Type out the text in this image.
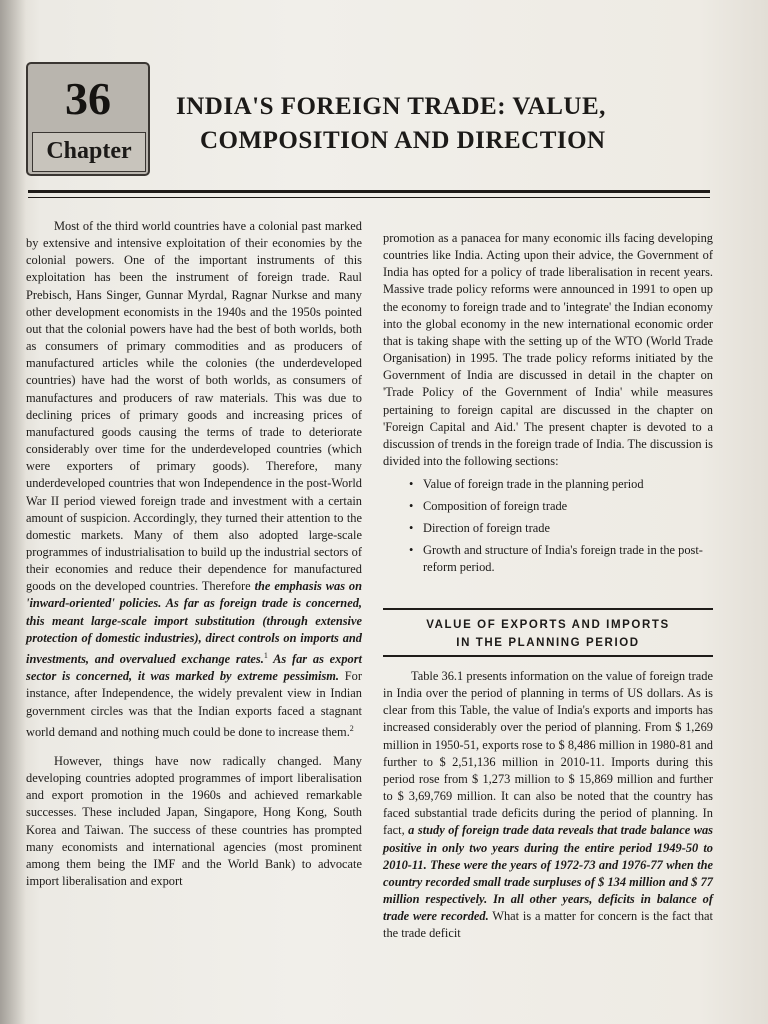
36
Chapter
INDIA'S FOREIGN TRADE: VALUE,
COMPOSITION AND DIRECTION

Most of the third world countries have a colonial past marked by extensive and intensive exploitation of their economies by the colonial powers. One of the important instruments of this exploitation has been the instrument of foreign trade. Raul Prebisch, Hans Singer, Gunnar Myrdal, Ragnar Nurkse and many other development economists in the 1940s and the 1950s pointed out that the colonial powers have had the best of both worlds, both as consumers of primary commodities and as producers of manufactured articles while the colonies (the underdeveloped countries) have had the worst of both worlds, as consumers of manufactures and producers of raw materials. This was due to declining prices of primary goods and increasing prices of manufactured goods causing the terms of trade to deteriorate considerably over time for the underdeveloped countries (which were exporters of primary goods). Therefore, many underdeveloped countries that won Independence in the post-World War II period viewed foreign trade and investment with a certain amount of suspicion. Accordingly, they turned their attention to the domestic markets. Many of them also adopted large-scale programmes of industrialisation to build up the industrial sectors of their economies and reduce their dependence for manufactured goods on the developed countries. Therefore the emphasis was on 'inward-oriented' policies. As far as foreign trade is concerned, this meant large-scale import substitution (through extensive protection of domestic industries), direct controls on imports and investments, and overvalued exchange rates.$^1$ As far as export sector is concerned, it was marked by extreme pessimism. For instance, after Independence, the widely prevalent view in Indian government circles was that the Indian exports faced a stagnant world demand and nothing much could be done to increase them.$^2$

However, things have now radically changed. Many developing countries adopted programmes of import liberalisation and export promotion in the 1960s and achieved remarkable successes. These included Japan, Singapore, Hong Kong, South Korea and Taiwan. The success of these countries has prompted many economists and international agencies (most prominent among them being the IMF and the World Bank) to advocate import liberalisation and export

promotion as a panacea for many economic ills facing developing countries like India. Acting upon their advice, the Government of India has opted for a policy of trade liberalisation in recent years. Massive trade policy reforms were announced in 1991 to open up the economy to foreign trade and to 'integrate' the Indian economy into the global economy in the new international economic order that is taking shape with the setting up of the WTO (World Trade Organisation) in 1995. The trade policy reforms initiated by the Government of India are discussed in detail in the chapter on 'Trade Policy of the Government of India' while measures pertaining to foreign capital are discussed in the chapter on 'Foreign Capital and Aid.' The present chapter is devoted to a discussion of trends in the foreign trade of India. The discussion is divided into the following sections:

• Value of foreign trade in the planning period
• Composition of foreign trade
• Direction of foreign trade
• Growth and structure of India's foreign trade in the post-reform period.
VALUE OF EXPORTS AND IMPORTS
IN THE PLANNING PERIOD

Table 36.1 presents information on the value of foreign trade in India over the period of planning in terms of US dollars. As is clear from this Table, the value of India's exports and imports has increased considerably over the period of planning. From $ 1,269 million in 1950-51, exports rose to $ 8,486 million in 1980-81 and further to $ 2,51,136 million in 2010-11. Imports during this period rose from $ 1,273 million to $ 15,869 million and further to $ 3,69,769 million. It can also be noted that the country has faced substantial trade deficits during the period of planning. In fact, a study of foreign trade data reveals that trade balance was positive in only two years during the entire period 1949-50 to 2010-11. These were the years of 1972-73 and 1976-77 when the country recorded small trade surpluses of $ 134 million and $ 77 million respectively. In all other years, deficits in balance of trade were recorded. What is a matter for concern is the fact that the trade deficit
